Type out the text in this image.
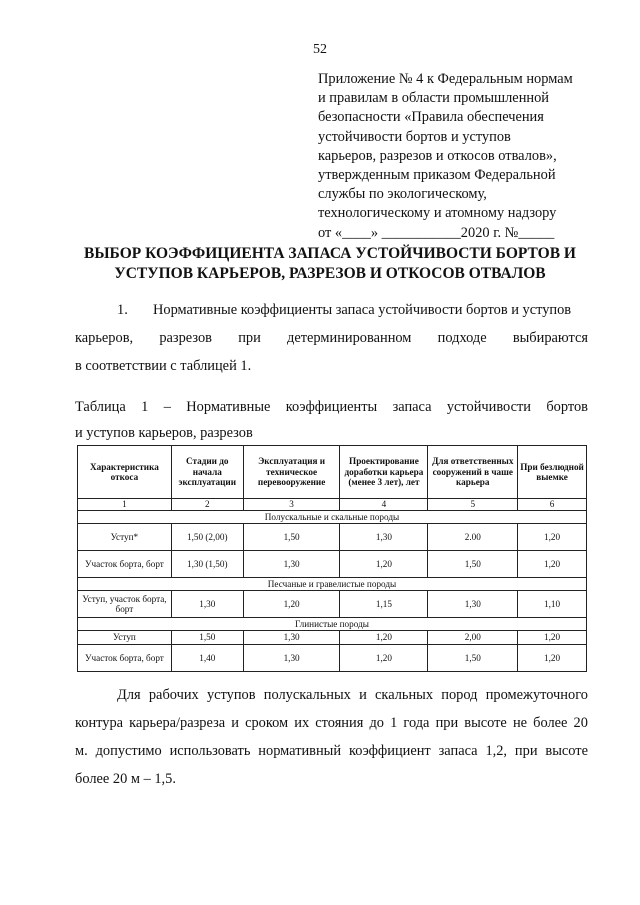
52
Приложение № 4 к Федеральным нормам
и правилам в области промышленной
безопасности «Правила обеспечения
устойчивости бортов и уступов
карьеров, разрезов и откосов отвалов»,
утвержденным приказом Федеральной
службы по экологическому,
технологическому и атомному надзору
от «____» ___________2020 г. №_____
ВЫБОР КОЭФФИЦИЕНТА ЗАПАСА УСТОЙЧИВОСТИ БОРТОВ И
УСТУПОВ КАРЬЕРОВ, РАЗРЕЗОВ И ОТКОСОВ ОТВАЛОВ
1. Нормативные коэффициенты запаса устойчивости бортов и уступов
карьеров, разрезов при детерминированном подходе выбираются
в соответствии с таблицей 1.
Таблица 1 – Нормативные коэффициенты запаса устойчивости бортов
и уступов карьеров, разрезов
Характеристика откоса	Стадии до начала эксплуатации	Эксплуатация и техническое перевооружение	Проектирование доработки карьера (менее 3 лет), лет	Для ответственных сооружений в чаше карьера	При безлюдной выемке
1	2	3	4	5	6
Полускальные и скальные породы					
Уступ*	1,50 (2,00)	1,50	1,30	2.00	1,20
Участок борта, борт	1,30 (1,50)	1,30	1,20	1,50	1,20
Песчаные и гравелистые породы					
Уступ, участок борта, борт	1,30	1,20	1,15	1,30	1,10
Глинистые породы					
Уступ	1,50	1,30	1,20	2,00	1,20
Участок борта, борт	1,40	1,30	1,20	1,50	1,20
Для рабочих уступов полускальных и скальных пород промежуточного
контура карьера/разреза и сроком их стояния до 1 года при высоте не более 20
м. допустимо использовать нормативный коэффициент запаса 1,2, при высоте
более 20 м – 1,5.
